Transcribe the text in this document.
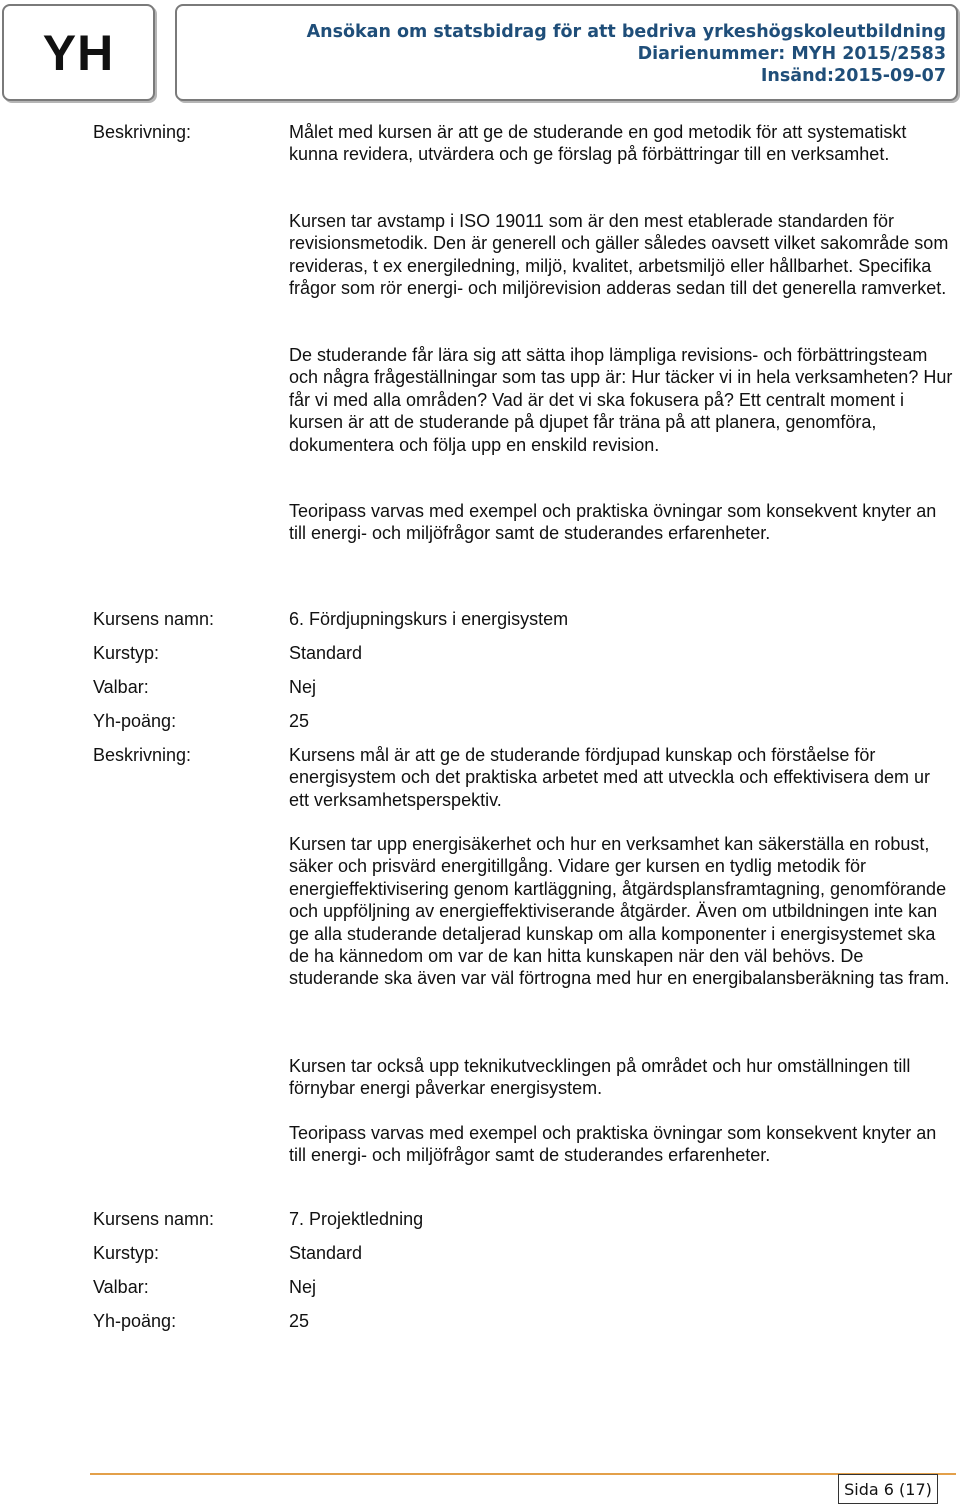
YH	Ansökan om statsbidrag för att bedriva yrkeshögskoleutbildning
Diarienummer: MYH 2015/2583
Insänd:2015-09-07
Beskrivning:	Målet med kursen är att ge de studerande en god metodik för att systematiskt kunna revidera, utvärdera och ge förslag på förbättringar till en verksamhet.

Kursen tar avstamp i ISO 19011 som är den mest etablerade standarden för revisionsmetodik. Den är generell och gäller således oavsett vilket sakområde som revideras, t ex energiledning, miljö, kvalitet, arbetsmiljö eller hållbarhet. Specifika frågor som rör energi- och miljörevision adderas sedan till det generella ramverket.

De studerande får lära sig att sätta ihop lämpliga revisions- och förbättringsteam och några frågeställningar som tas upp är: Hur täcker vi in hela verksamheten? Hur får vi med alla områden? Vad är det vi ska fokusera på? Ett centralt moment i kursen är att de studerande på djupet får träna på att planera, genomföra, dokumentera och följa upp en enskild revision.

Teoripass varvas med exempel och praktiska övningar som konsekvent knyter an till energi- och miljöfrågor samt de studerandes erfarenheter.

Kursens namn:	6. Fördjupningskurs i energisystem
Kurstyp:	Standard
Valbar:	Nej
Yh-poäng:	25
Beskrivning:	Kursens mål är att ge de studerande fördjupad kunskap och förståelse för energisystem och det praktiska arbetet med att utveckla och effektivisera dem ur ett verksamhetsperspektiv.

Kursen tar upp energisäkerhet och hur en verksamhet kan säkerställa en robust, säker och prisvärd energitillgång. Vidare ger kursen en tydlig metodik för energieffektivisering genom kartläggning, åtgärdsplansframtagning, genomförande och uppföljning av energieffektiviserande åtgärder. Även om utbildningen inte kan ge alla studerande detaljerad kunskap om alla komponenter i energisystemet ska de ha kännedom om var de kan hitta kunskapen när den väl behövs. De studerande ska även var väl förtrogna med hur en energibalansberäkning tas fram.

Kursen tar också upp teknikutvecklingen på området och hur omställningen till förnybar energi påverkar energisystem.

Teoripass varvas med exempel och praktiska övningar som konsekvent knyter an till energi- och miljöfrågor samt de studerandes erfarenheter.

Kursens namn:	7. Projektledning
Kurstyp:	Standard
Valbar:	Nej
Yh-poäng:	25
Sida 6 (17)
